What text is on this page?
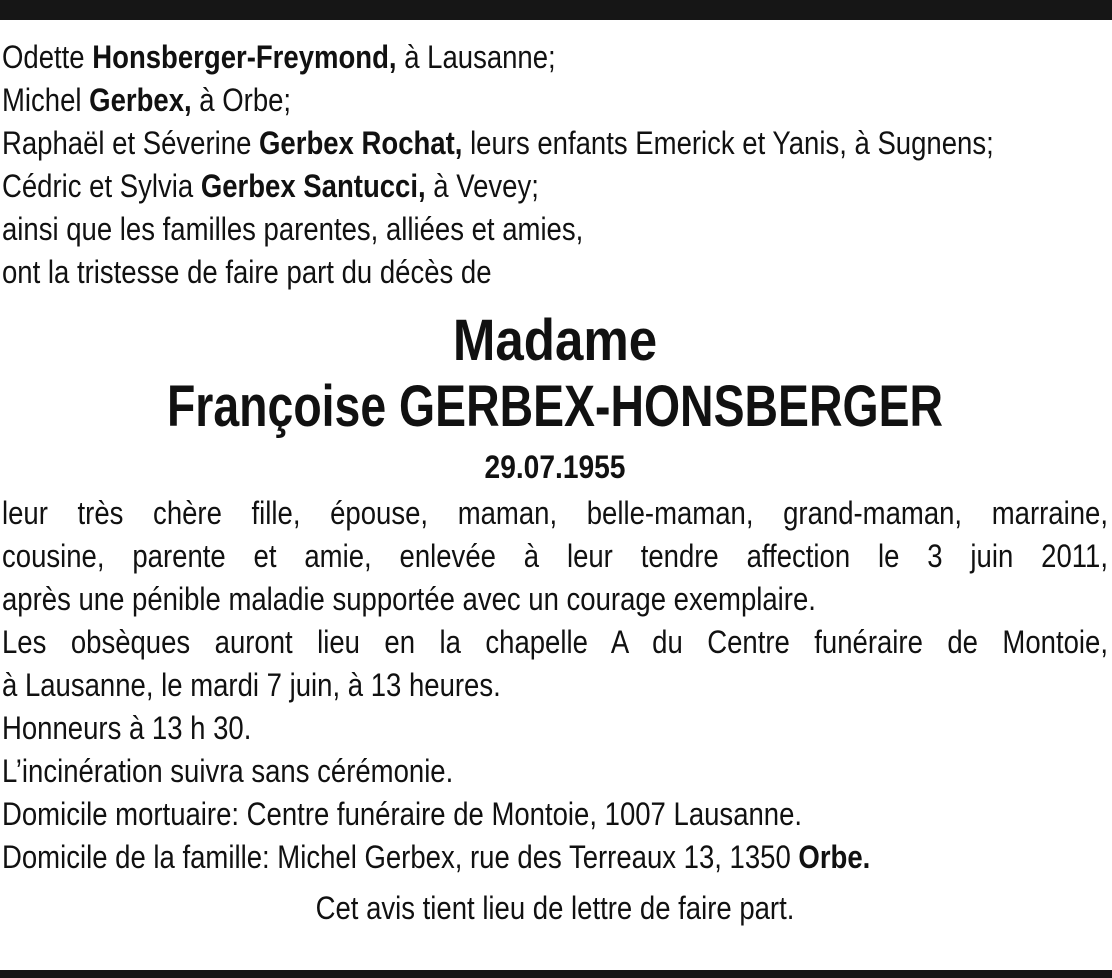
Odette Honsberger-Freymond, à Lausanne;
Michel Gerbex, à Orbe;
Raphaël et Séverine Gerbex Rochat, leurs enfants Emerick et Yanis, à Sugnens;
Cédric et Sylvia Gerbex Santucci, à Vevey;
ainsi que les familles parentes, alliées et amies,
ont la tristesse de faire part du décès de
Madame
Françoise GERBEX-HONSBERGER
29.07.1955
leur très chère fille, épouse, maman, belle-maman, grand-maman, marraine,
cousine, parente et amie, enlevée à leur tendre affection le 3 juin 2011,
après une pénible maladie supportée avec un courage exemplaire.
Les obsèques auront lieu en la chapelle A du Centre funéraire de Montoie,
à Lausanne, le mardi 7 juin, à 13 heures.
Honneurs à 13 h 30.
L’incinération suivra sans cérémonie.
Domicile mortuaire: Centre funéraire de Montoie, 1007 Lausanne.
Domicile de la famille: Michel Gerbex, rue des Terreaux 13, 1350 Orbe.
Cet avis tient lieu de lettre de faire part.
